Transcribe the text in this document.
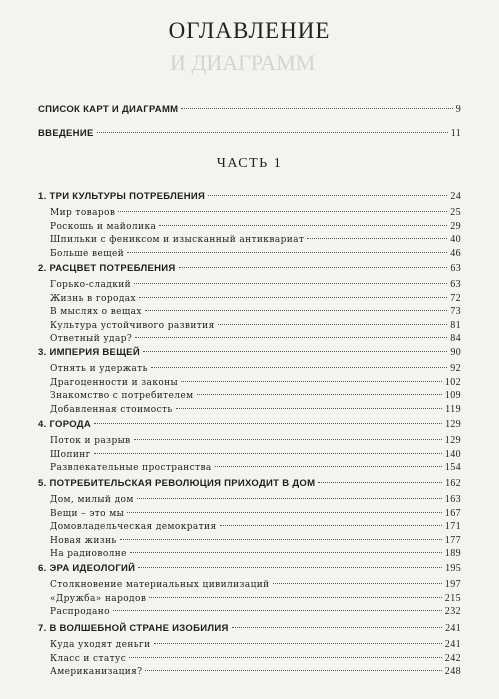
И ДИАГРАММ
ОГЛАВЛЕНИЕ
СПИСОК КАРТ И ДИАГРАММ	9
ВВЕДЕНИЕ	11
ЧАСТЬ 1
1. ТРИ КУЛЬТУРЫ ПОТРЕБЛЕНИЯ	24
Мир товаров	25
Роскошь и майолика	29
Шпильки с фениксом и изысканный антиквариат	40
Больше вещей	46
2. РАСЦВЕТ ПОТРЕБЛЕНИЯ	63
Горько-сладкий	63
Жизнь в городах	72
В мыслях о вещах	73
Культура устойчивого развития	81
Ответный удар?	84
3. ИМПЕРИЯ ВЕЩЕЙ	90
Отнять и удержать	92
Драгоценности и законы	102
Знакомство с потребителем	109
Добавленная стоимость	119
4. ГОРОДА	129
Поток и разрыв	129
Шопинг	140
Развлекательные пространства	154
5. ПОТРЕБИТЕЛЬСКАЯ РЕВОЛЮЦИЯ ПРИХОДИТ В ДОМ	162
Дом, милый дом	163
Вещи – это мы	167
Домовладельческая демократия	171
Новая жизнь	177
На радиоволне	189
6. ЭРА ИДЕОЛОГИЙ	195
Столкновение материальных цивилизаций	197
«Дружба» народов	215
Распродано	232
7. В ВОЛШЕБНОЙ СТРАНЕ ИЗОБИЛИЯ	241
Куда уходят деньги	241
Класс и статус	242
Американизация?	248
